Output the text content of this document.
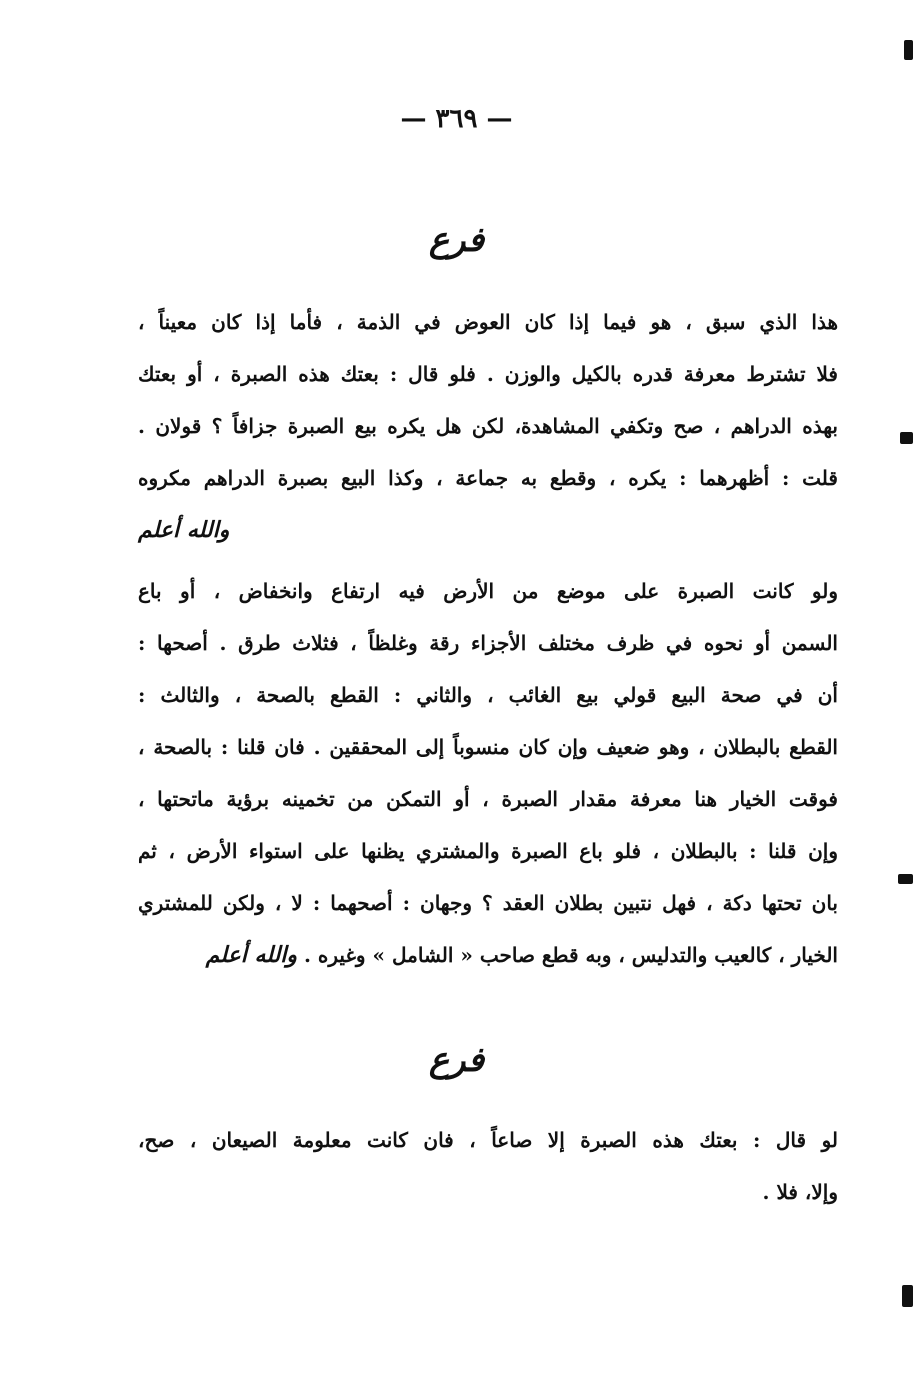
— ٣٦٩ —
فرع
هذا الذي سبق ، هو فيما إذا كان العوض في الذمة ، فأما إذا كان معيناً ،
فلا تشترط معرفة قدره بالكيل والوزن . فلو قال : بعتك هذه الصبرة ، أو بعتك
بهذه الدراهم ، صح وتكفي المشاهدة، لكن هل يكره بيع الصبرة جزافاً ؟ قولان .
قلت : أظهرهما : يكره ، وقطع به جماعة ، وكذا البيع بصبرة الدراهم مكروه
والله أعلم
ولو كانت الصبرة على موضع من الأرض فيه ارتفاع وانخفاض ، أو باع
السمن أو نحوه في ظرف مختلف الأجزاء رقة وغلظاً ، فثلاث طرق . أصحها :
أن في صحة البيع قولي بيع الغائب ، والثاني : القطع بالصحة ، والثالث :
القطع بالبطلان ، وهو ضعيف وإن كان منسوباً إلى المحققين . فان قلنا : بالصحة ،
فوقت الخيار هنا معرفة مقدار الصبرة ، أو التمكن من تخمينه برؤية ماتحتها ،
وإن قلنا : بالبطلان ، فلو باع الصبرة والمشتري يظنها على استواء الأرض ، ثم
بان تحتها دكة ، فهل نتبين بطلان العقد ؟ وجهان : أصحهما : لا ، ولكن للمشتري
الخيار ، كالعيب والتدليس ، وبه قطع صاحب « الشامل » وغيره . والله أعلم
فرع
لو قال : بعتك هذه الصبرة إلا صاعاً ، فان كانت معلومة الصيعان ، صح،
وإلا، فلا .
